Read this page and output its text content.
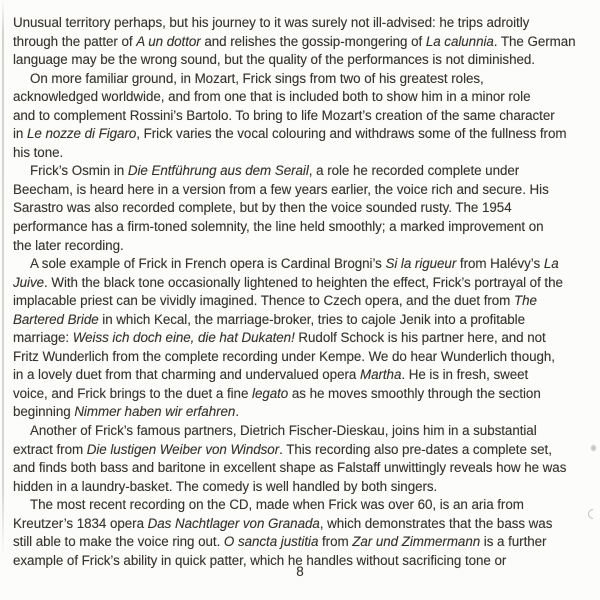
Unusual territory perhaps, but his journey to it was surely not ill-advised: he trips adroitly
through the patter of A un dottor and relishes the gossip-mongering of La calunnia. The German
language may be the wrong sound, but the quality of the performances is not diminished.
On more familiar ground, in Mozart, Frick sings from two of his greatest roles,
acknowledged worldwide, and from one that is included both to show him in a minor role
and to complement Rossini’s Bartolo. To bring to life Mozart’s creation of the same character
in Le nozze di Figaro, Frick varies the vocal colouring and withdraws some of the fullness from
his tone.
Frick’s Osmin in Die Entführung aus dem Serail, a role he recorded complete under
Beecham, is heard here in a version from a few years earlier, the voice rich and secure. His
Sarastro was also recorded complete, but by then the voice sounded rusty. The 1954
performance has a firm-toned solemnity, the line held smoothly; a marked improvement on
the later recording.
A sole example of Frick in French opera is Cardinal Brogni’s Si la rigueur from Halévy’s La
Juive. With the black tone occasionally lightened to heighten the effect, Frick’s portrayal of the
implacable priest can be vividly imagined. Thence to Czech opera, and the duet from The
Bartered Bride in which Kecal, the marriage-broker, tries to cajole Jenik into a profitable
marriage: Weiss ich doch eine, die hat Dukaten! Rudolf Schock is his partner here, and not
Fritz Wunderlich from the complete recording under Kempe. We do hear Wunderlich though,
in a lovely duet from that charming and undervalued opera Martha. He is in fresh, sweet
voice, and Frick brings to the duet a fine legato as he moves smoothly through the section
beginning Nimmer haben wir erfahren.
Another of Frick’s famous partners, Dietrich Fischer-Dieskau, joins him in a substantial
extract from Die lustigen Weiber von Windsor. This recording also pre-dates a complete set,
and finds both bass and baritone in excellent shape as Falstaff unwittingly reveals how he was
hidden in a laundry-basket. The comedy is well handled by both singers.
The most recent recording on the CD, made when Frick was over 60, is an aria from
Kreutzer’s 1834 opera Das Nachtlager von Granada, which demonstrates that the bass was
still able to make the voice ring out. O sancta justitia from Zar und Zimmermann is a further
example of Frick’s ability in quick patter, which he handles without sacrificing tone or
8
